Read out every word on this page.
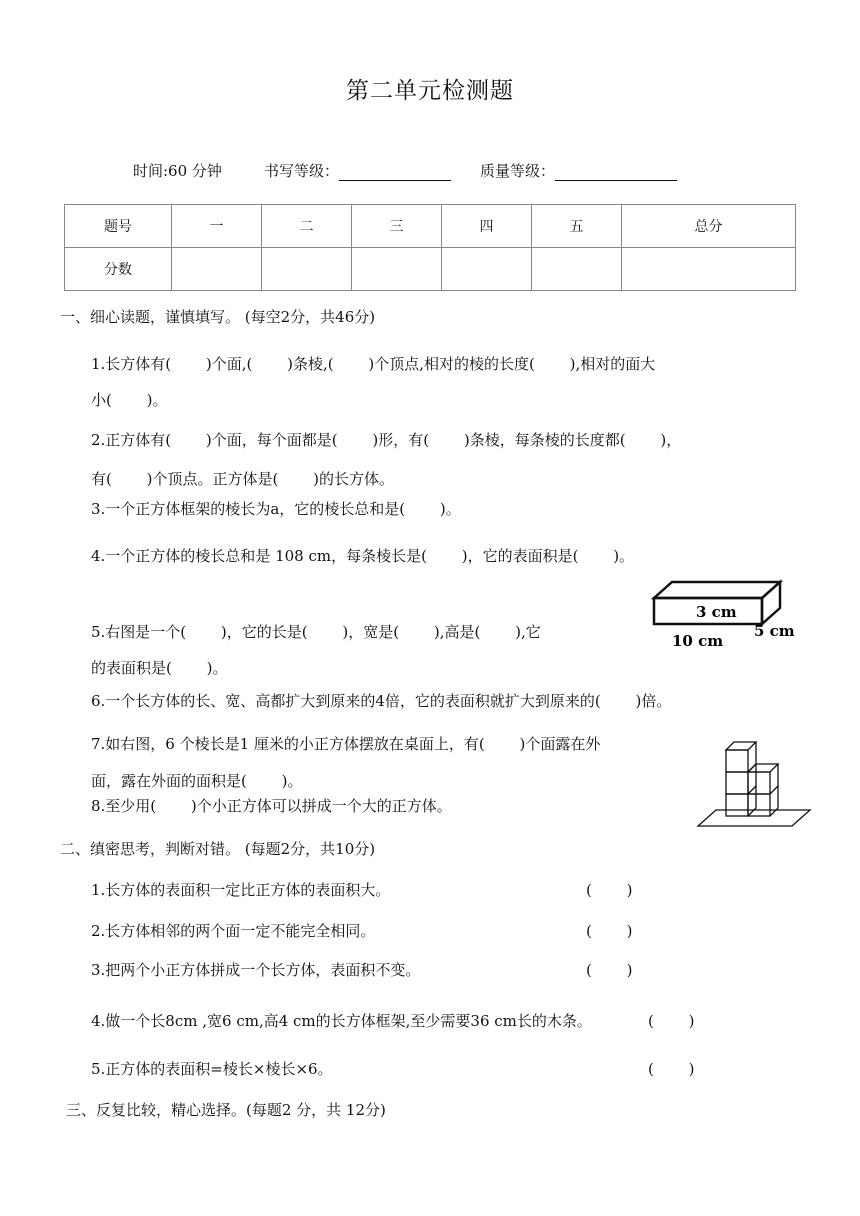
第二单元检测题
时间:60 分钟	书写等级：	质量等级：
题号	一	二	三	四	五	总分
分数						
一、细心读题，谨慎填写。 (每空2分，共46分)
1.长方体有(　　 )个面,(　　 )条棱,(　　 )个顶点,相对的棱的长度(　　 ),相对的面大
小(　　 )。
2.正方体有(　　 )个面，每个面都是(　　 )形，有(　　 )条棱，每条棱的长度都(　　 )，
有(　　 )个顶点。正方体是(　　 )的长方体。
3.一个正方体框架的棱长为a，它的棱长总和是(　　 )。
4.一个正方体的棱长总和是 108 cm，每条棱长是(　　 )，它的表面积是(　　 )。
5.右图是一个(　　 )，它的长是(　　 )，宽是(　　 ),高是(　　 ),它
的表面积是(　　 )。
6.一个长方体的长、宽、高都扩大到原来的4倍，它的表面积就扩大到原来的(　　 )倍。
7.如右图，6 个棱长是1 厘米的小正方体摆放在桌面上，有(　　 )个面露在外
面，露在外面的面积是(　　 )。
8.至少用(　　 )个小正方体可以拼成一个大的正方体。
3 cm
5 cm
10 cm
二、缜密思考，判断对错。 (每题2分，共10分)
1.长方体的表面积一定比正方体的表面积大。	(　　 )
2.长方体相邻的两个面一定不能完全相同。	(　　 )
3.把两个小正方体拼成一个长方体，表面积不变。	(　　 )
4.做一个长8cm ,宽6 cm,高4 cm的长方体框架,至少需要36 cm长的木条。	(　　 )
5.正方体的表面积=棱长×棱长×6。	(　　 )
三、反复比较，精心选择。(每题2 分，共 12分)
